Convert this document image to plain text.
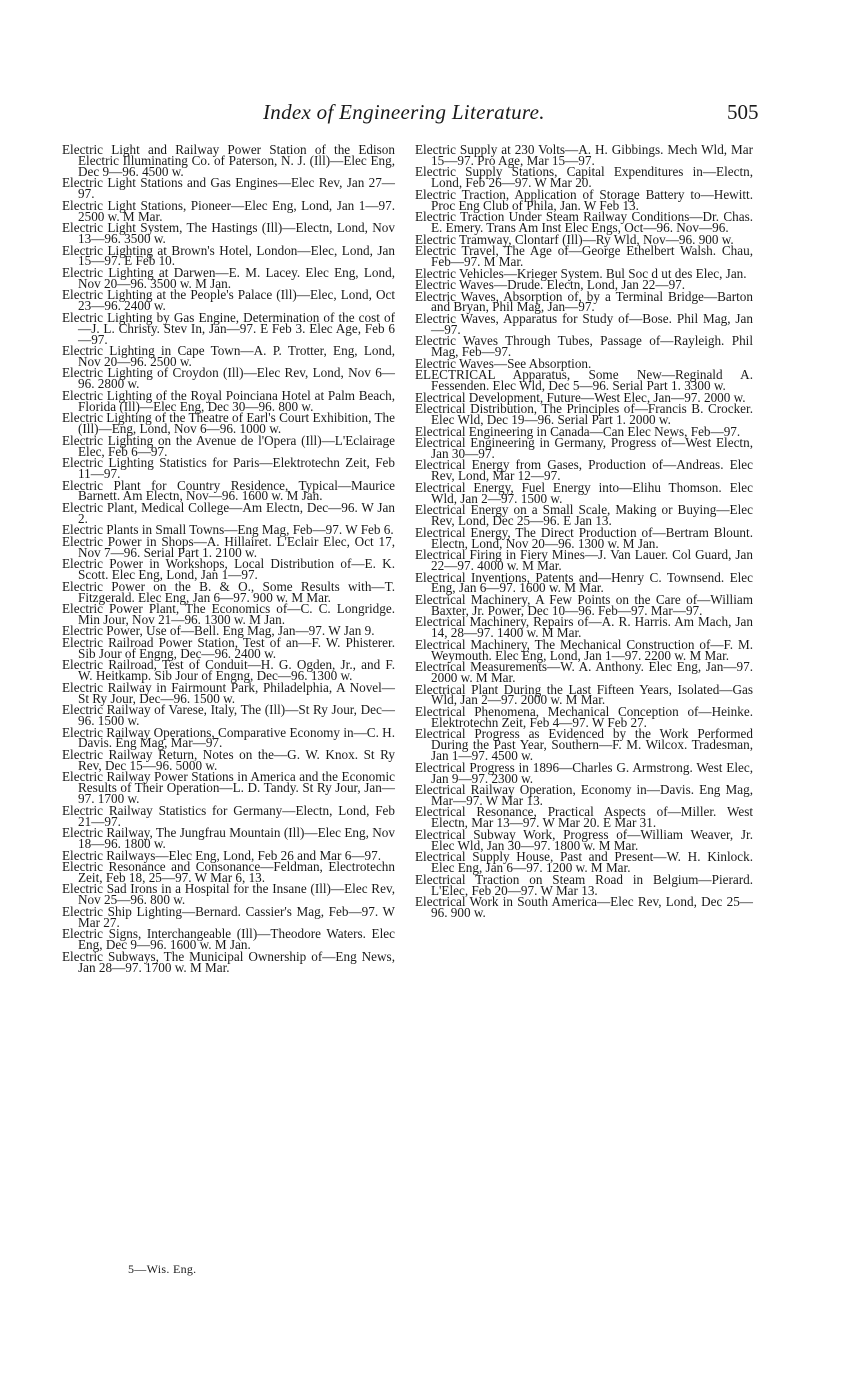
Index of Engineering Literature.	505

Electric Light and Railway Power Station of the Edison Electric Illuminating Co. of Paterson, N. J. (Ill)—Elec Eng, Dec 9—96. 4500 w.

Electric Light Stations and Gas Engines—Elec Rev, Jan 27—97.

Electric Light Stations, Pioneer—Elec Eng, Lond, Jan 1—97. 2500 w. M Mar.

Electric Light System, The Hastings (Ill)—Electn, Lond, Nov 13—96. 3500 w.

Electric Lighting at Brown's Hotel, London—Elec, Lond, Jan 15—97. E Feb 10.

Electric Lighting at Darwen—E. M. Lacey. Elec Eng, Lond, Nov 20—96. 3500 w. M Jan.

Electric Lighting at the People's Palace (Ill)—Elec, Lond, Oct 23—96. 2400 w.

Electric Lighting by Gas Engine, Determination of the cost of—J. L. Christy. Stev In, Jan—97. E Feb 3. Elec Age, Feb 6—97.

Electric Lighting in Cape Town—A. P. Trotter, Eng, Lond, Nov 20—96. 2500 w.

Electric Lighting of Croydon (Ill)—Elec Rev, Lond, Nov 6—96. 2800 w.

Electric Lighting of the Royal Poinciana Hotel at Palm Beach, Florida (Ill)—Elec Eng, Dec 30—96. 800 w.

Electric Lighting of the Theatre of Earl's Court Exhibition, The (Ill)—Eng, Lond, Nov 6—96. 1000 w.

Electric Lighting on the Avenue de l'Opera (Ill)—L'Eclairage Elec, Feb 6—97.

Electric Lighting Statistics for Paris—Elektrotechn Zeit, Feb 11—97.

Electric Plant for Country Residence, Typical—Maurice Barnett. Am Electn, Nov—96. 1600 w. M Jan.

Electric Plant, Medical College—Am Electn, Dec—96. W Jan 2.

Electric Plants in Small Towns—Eng Mag, Feb—97. W Feb 6.

Electric Power in Shops—A. Hillairet. L'Eclair Elec, Oct 17, Nov 7—96. Serial Part 1. 2100 w.

Electric Power in Workshops, Local Distribution of—E. K. Scott. Elec Eng, Lond, Jan 1—97.

Electric Power on the B. & O., Some Results with—T. Fitzgerald. Elec Eng, Jan 6—97. 900 w. M Mar.

Electric Power Plant, The Economics of—C. C. Longridge. Min Jour, Nov 21—96. 1300 w. M Jan.

Electric Power, Use of—Bell. Eng Mag, Jan—97. W Jan 9.

Electric Railroad Power Station, Test of an—F. W. Phisterer. Sib Jour of Engng, Dec—96. 2400 w.

Electric Railroad, Test of Conduit—H. G. Ogden, Jr., and F. W. Heitkamp. Sib Jour of Engng, Dec—96. 1300 w.

Electric Railway in Fairmount Park, Philadelphia, A Novel—St Ry Jour, Dec—96. 1500 w.

Electric Railway of Varese, Italy, The (Ill)—St Ry Jour, Dec—96. 1500 w.

Electric Railway Operations, Comparative Economy in—C. H. Davis. Eng Mag, Mar—97.

Electric Railway Return, Notes on the—G. W. Knox. St Ry Rev, Dec 15—96. 5000 w.

Electric Railway Power Stations in America and the Economic Results of Their Operation—L. D. Tandy. St Ry Jour, Jan—97. 1700 w.

Electric Railway Statistics for Germany—Electn, Lond, Feb 21—97.

Electric Railway, The Jungfrau Mountain (Ill)—Elec Eng, Nov 18—96. 1800 w.

Electric Railways—Elec Eng, Lond, Feb 26 and Mar 6—97.

Electric Resonance and Consonance—Feldman, Electrotechn Zeit, Feb 18, 25—97. W Mar 6, 13.

Electric Sad Irons in a Hospital for the Insane (Ill)—Elec Rev, Nov 25—96. 800 w.

Electric Ship Lighting—Bernard. Cassier's Mag, Feb—97. W Mar 27.

Electric Signs, Interchangeable (Ill)—Theodore Waters. Elec Eng, Dec 9—96. 1600 w. M Jan.

Electric Subways, The Municipal Ownership of—Eng News, Jan 28—97. 1700 w. M Mar.

Electric Supply at 230 Volts—A. H. Gibbings. Mech Wld, Mar 15—97. Pro Age, Mar 15—97.

Electric Supply Stations, Capital Expenditures in—Electn, Lond, Feb 26—97. W Mar 20.

Electric Traction, Application of Storage Battery to—Hewitt. Proc Eng Club of Phila, Jan. W Feb 13.

Electric Traction Under Steam Railway Conditions—Dr. Chas. E. Emery. Trans Am Inst Elec Engs, Oct—96. Nov—96.

Electric Tramway, Clontarf (Ill)—Ry Wld, Nov—96. 900 w.

Electric Travel, The Age of—George Ethelbert Walsh. Chau, Feb—97. M Mar.

Electric Vehicles—Krieger System. Bul Soc d ut des Elec, Jan.

Electric Waves—Drude. Electn, Lond, Jan 22—97.

Electric Waves, Absorption of, by a Terminal Bridge—Barton and Bryan, Phil Mag, Jan—97.

Electric Waves, Apparatus for Study of—Bose. Phil Mag, Jan—97.

Electric Waves Through Tubes, Passage of—Rayleigh. Phil Mag, Feb—97.

Electric Waves—See Absorption.

ELECTRICAL Apparatus, Some New—Reginald A. Fessenden. Elec Wld, Dec 5—96. Serial Part 1. 3300 w.

Electrical Development, Future—West Elec, Jan—97. 2000 w.

Electrical Distribution, The Principles of—Francis B. Crocker. Elec Wld, Dec 19—96. Serial Part 1. 2000 w.

Electrical Engineering in Canada—Can Elec News, Feb—97.

Electrical Engineering in Germany, Progress of—West Electn, Jan 30—97.

Electrical Energy from Gases, Production of—Andreas. Elec Rev, Lond, Mar 12—97.

Electrical Energy, Fuel Energy into—Elihu Thomson. Elec Wld, Jan 2—97. 1500 w.

Electrical Energy on a Small Scale, Making or Buying—Elec Rev, Lond, Dec 25—96. E Jan 13.

Electrical Energy, The Direct Production of—Bertram Blount. Electn, Lond, Nov 20—96. 1300 w. M Jan.

Electrical Firing in Fiery Mines—J. Van Lauer. Col Guard, Jan 22—97. 4000 w. M Mar.

Electrical Inventions, Patents and—Henry C. Townsend. Elec Eng, Jan 6—97. 1600 w. M Mar.

Electrical Machinery, A Few Points on the Care of—William Baxter, Jr. Power, Dec 10—96. Feb—97. Mar—97.

Electrical Machinery, Repairs of—A. R. Harris. Am Mach, Jan 14, 28—97. 1400 w. M Mar.

Electrical Machinery, The Mechanical Construction of—F. M. Weymouth. Elec Eng, Lond, Jan 1—97. 2200 w. M Mar.

Electrical Measurements—W. A. Anthony. Elec Eng, Jan—97. 2000 w. M Mar.

Electrical Plant During the Last Fifteen Years, Isolated—Gas Wld, Jan 2—97. 2000 w. M Mar.

Electrical Phenomena, Mechanical Conception of—Heinke. Elektrotechn Zeit, Feb 4—97. W Feb 27.

Electrical Progress as Evidenced by the Work Performed During the Past Year, Southern—F. M. Wilcox. Tradesman, Jan 1—97. 4500 w.

Electrical Progress in 1896—Charles G. Armstrong. West Elec, Jan 9—97. 2300 w.

Electrical Railway Operation, Economy in—Davis. Eng Mag, Mar—97. W Mar 13.

Electrical Resonance, Practical Aspects of—Miller. West Electn, Mar 13—97. W Mar 20. E Mar 31.

Electrical Subway Work, Progress of—William Weaver, Jr. Elec Wld, Jan 30—97. 1800 w. M Mar.

Electrical Supply House, Past and Present—W. H. Kinlock. Elec Eng, Jan 6—97. 1200 w. M Mar.

Electrical Traction on Steam Road in Belgium—Pierard. L'Elec, Feb 20—97. W Mar 13.

Electrical Work in South America—Elec Rev, Lond, Dec 25—96. 900 w.

5—Wis. Eng.
